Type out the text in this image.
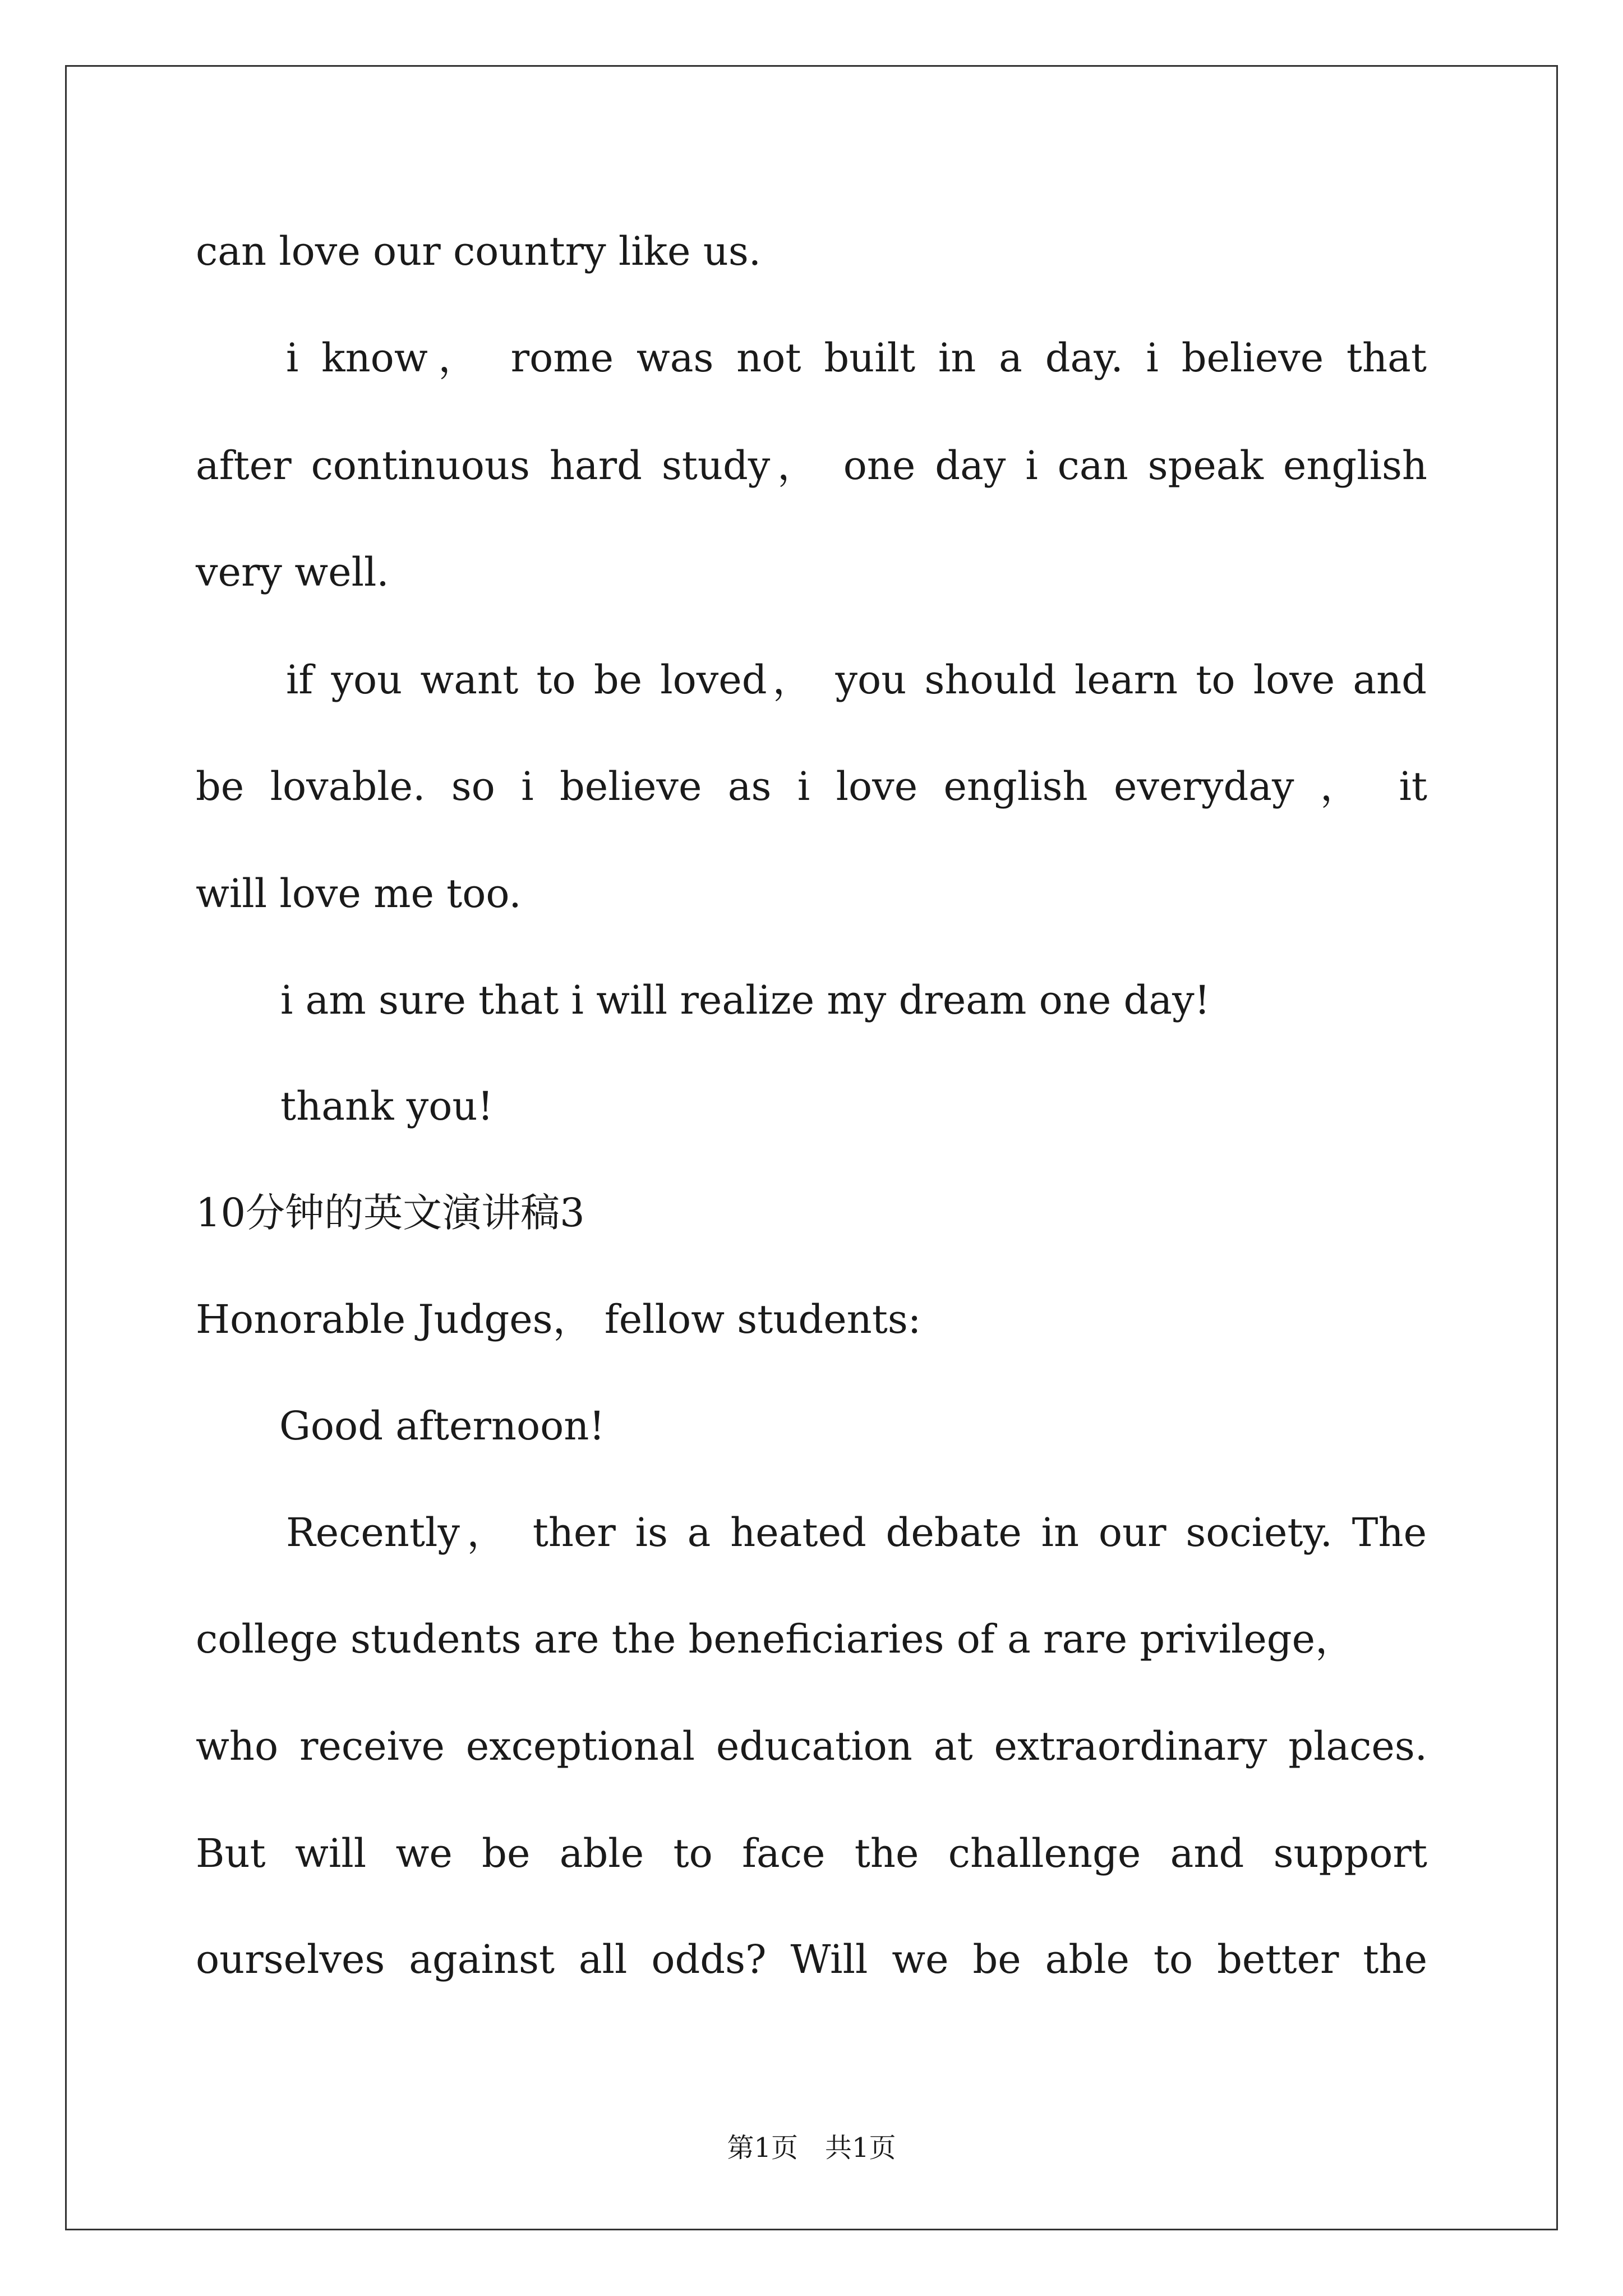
can love our country like us.

i know， rome was not built in a day. i believe that

after continuous hard study， one day i can speak english

very well.

if you want to be loved， you should learn to love and

be lovable. so i believe as i love english everyday ， it

will love me too.

i am sure that i will realize my dream one day!

thank you!

10分钟的英文演讲稿3

Honorable Judges， fellow students:

Good afternoon!

Recently， ther is a heated debate in our society. The

college students are the beneficiaries of a rare privilege，

who receive exceptional education at extraordinary places.

But will we be able to face the challenge and support

ourselves against all odds? Will we be able to better the

第1页　共1页
